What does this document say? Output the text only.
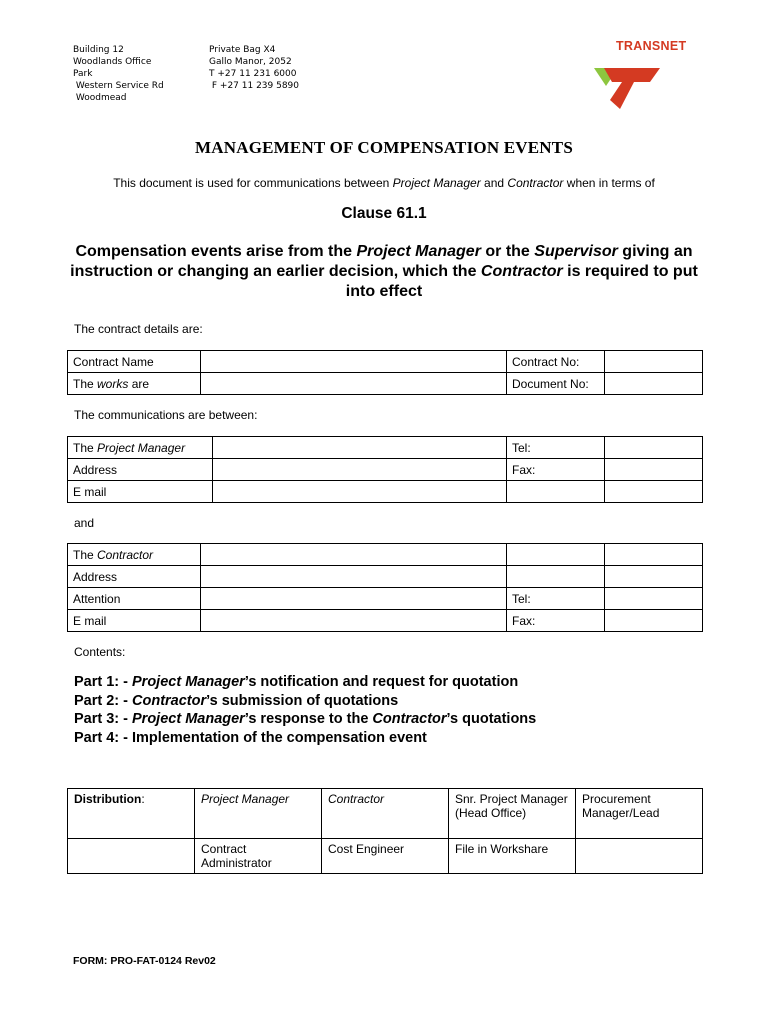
Building 12
Woodlands Office
Park
Western Service Rd
Woodmead
Private Bag X4
Gallo Manor, 2052
T +27 11 231 6000
F +27 11 239 5890
TRANSNET
MANAGEMENT OF COMPENSATION EVENTS
This document is used for communications between Project Manager and Contractor when in terms of
Clause 61.1
Compensation events arise from the Project Manager or the Supervisor giving an instruction or changing an earlier decision, which the Contractor is required to put into effect
The contract details are:
Contract Name		Contract No:	
The works are		Document No:	
The communications are between:
The Project Manager		Tel:	
Address		Fax:	
E mail			
and
The Contractor			
Address			
Attention		Tel:	
E mail		Fax:	
Contents:
Part 1: - Project Manager’s notification and request for quotation
Part 2: - Contractor’s submission of quotations
Part 3: - Project Manager’s response to the Contractor’s quotations
Part 4: - Implementation of the compensation event
Distribution:	Project Manager	Contractor	Snr. Project Manager (Head Office)	Procurement Manager/Lead
	Contract Administrator	Cost Engineer	File in Workshare	
FORM: PRO-FAT-0124 Rev02
